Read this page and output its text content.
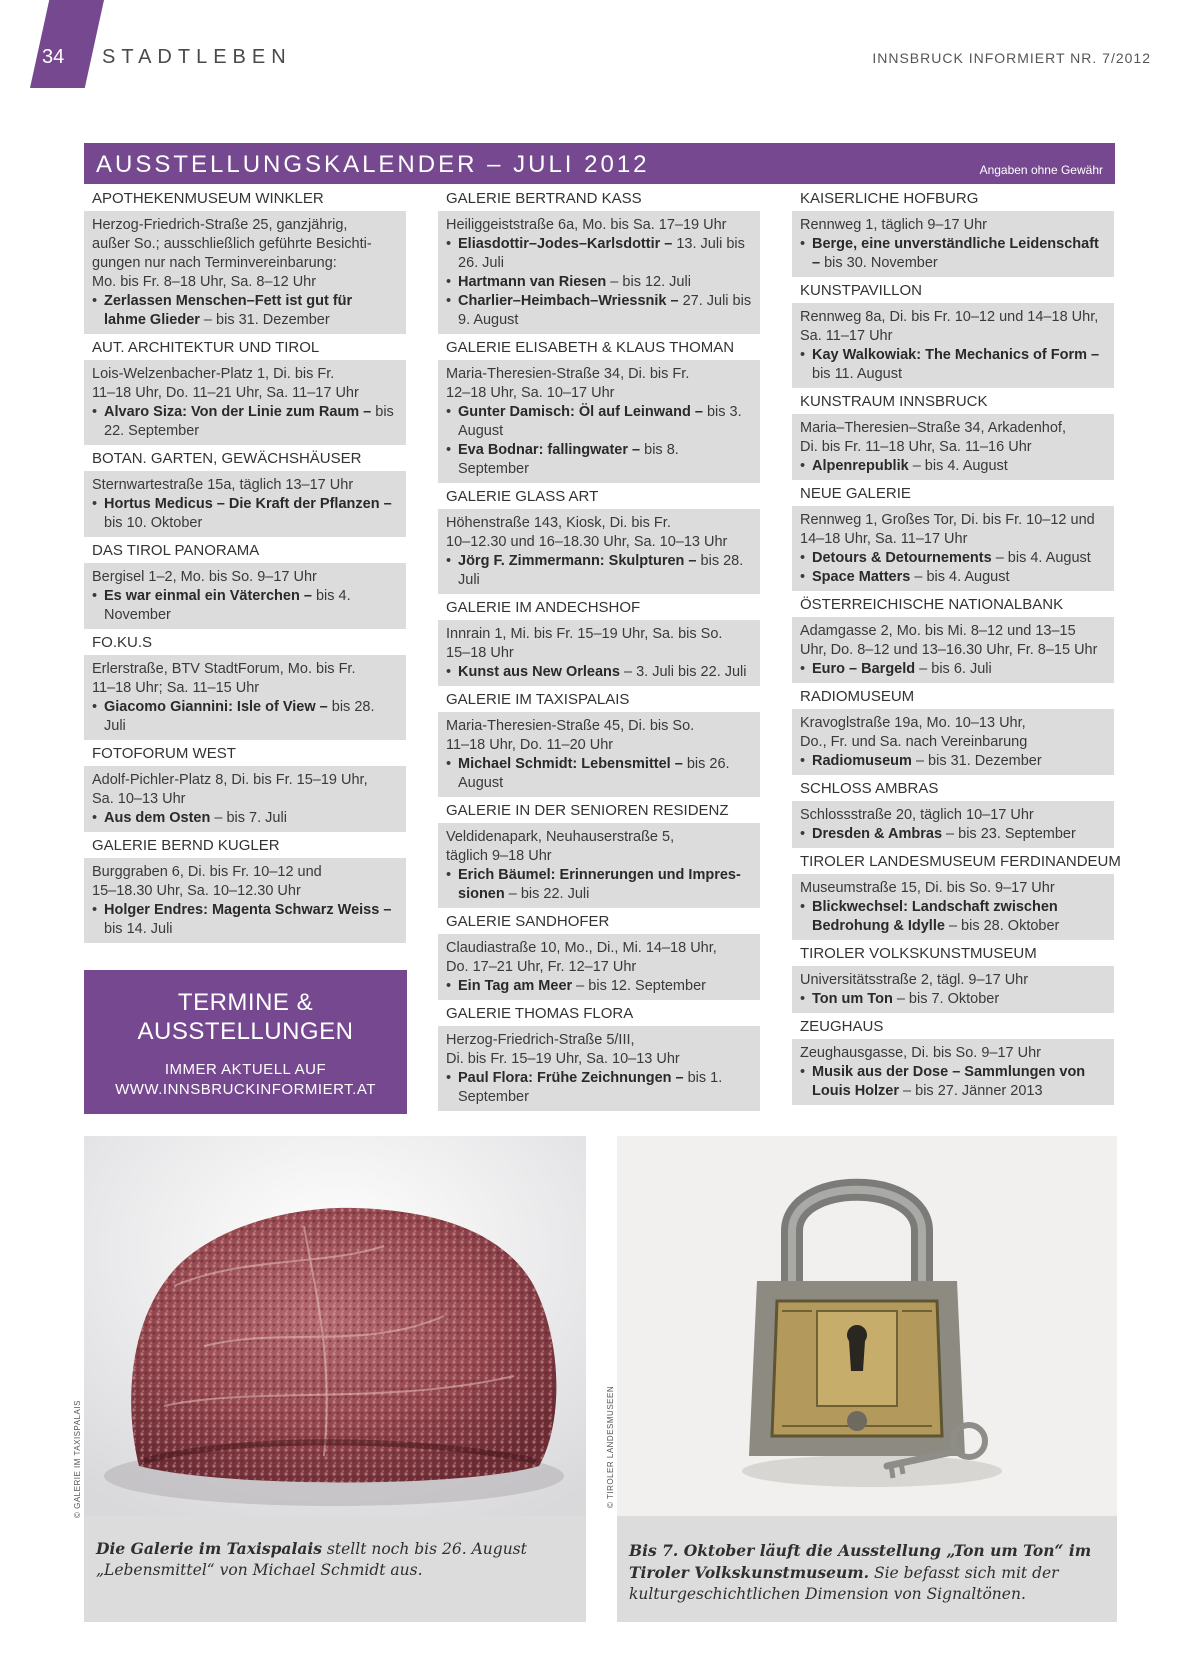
34 STADTLEBEN	INNSBRUCK INFORMIERT NR. 7/2012
AUSSTELLUNGSKALENDER – JULI 2012	Angaben ohne Gewähr
APOTHEKENMUSEUM WINKLER
Herzog-Friedrich-Straße 25, ganzjährig,
außer So.; ausschließlich geführte Besichti-
gungen nur nach Terminvereinbarung:
Mo. bis Fr. 8–18 Uhr, Sa. 8–12 Uhr
• Zerlassen Menschen–Fett ist gut für lahme Glieder – bis 31. Dezember
AUT. ARCHITEKTUR UND TIROL
Lois-Welzenbacher-Platz 1, Di. bis Fr.
11–18 Uhr, Do. 11–21 Uhr, Sa. 11–17 Uhr
• Alvaro Siza: Von der Linie zum Raum – bis 22. September
BOTAN. GARTEN, GEWÄCHSHÄUSER
Sternwartestraße 15a, täglich 13–17 Uhr
• Hortus Medicus – Die Kraft der Pflanzen – bis 10. Oktober
DAS TIROL PANORAMA
Bergisel 1–2, Mo. bis So. 9–17 Uhr
• Es war einmal ein Väterchen – bis 4. November
FO.KU.S
Erlerstraße, BTV StadtForum, Mo. bis Fr.
11–18 Uhr; Sa. 11–15 Uhr
• Giacomo Giannini: Isle of View – bis 28. Juli
FOTOFORUM WEST
Adolf-Pichler-Platz 8, Di. bis Fr. 15–19 Uhr,
Sa. 10–13 Uhr
• Aus dem Osten – bis 7. Juli
GALERIE BERND KUGLER
Burggraben 6, Di. bis Fr. 10–12 und
15–18.30 Uhr, Sa. 10–12.30 Uhr
• Holger Endres: Magenta Schwarz Weiss – bis 14. Juli
GALERIE BERTRAND KASS
Heiliggeiststraße 6a, Mo. bis Sa. 17–19 Uhr
• Eliasdottir–Jodes–Karlsdottir – 13. Juli bis 26. Juli
• Hartmann van Riesen – bis 12. Juli
• Charlier–Heimbach–Wriessnik – 27. Juli bis 9. August
GALERIE ELISABETH & KLAUS THOMAN
Maria-Theresien-Straße 34, Di. bis Fr.
12–18 Uhr, Sa. 10–17 Uhr
• Gunter Damisch: Öl auf Leinwand – bis 3. August
• Eva Bodnar: fallingwater – bis 8. September
GALERIE GLASS ART
Höhenstraße 143, Kiosk, Di. bis Fr.
10–12.30 und 16–18.30 Uhr, Sa. 10–13 Uhr
• Jörg F. Zimmermann: Skulpturen – bis 28. Juli
GALERIE IM ANDECHSHOF
Innrain 1, Mi. bis Fr. 15–19 Uhr, Sa. bis So.
15–18 Uhr
• Kunst aus New Orleans – 3. Juli bis 22. Juli
GALERIE IM TAXISPALAIS
Maria-Theresien-Straße 45, Di. bis So.
11–18 Uhr, Do. 11–20 Uhr
• Michael Schmidt: Lebensmittel – bis 26. August
GALERIE IN DER SENIOREN RESIDENZ
Veldidenapark, Neuhauserstraße 5,
täglich 9–18 Uhr
• Erich Bäumel: Erinnerungen und Impres-sionen – bis 22. Juli
GALERIE SANDHOFER
Claudiastraße 10, Mo., Di., Mi. 14–18 Uhr,
Do. 17–21 Uhr, Fr. 12–17 Uhr
• Ein Tag am Meer – bis 12. September
GALERIE THOMAS FLORA
Herzog-Friedrich-Straße 5/III,
Di. bis Fr. 15–19 Uhr, Sa. 10–13 Uhr
• Paul Flora: Frühe Zeichnungen – bis 1. September
KAISERLICHE HOFBURG
Rennweg 1, täglich 9–17 Uhr
• Berge, eine unverständliche Leidenschaft – bis 30. November
KUNSTPAVILLON
Rennweg 8a, Di. bis Fr. 10–12 und 14–18 Uhr,
Sa. 11–17 Uhr
• Kay Walkowiak: The Mechanics of Form – bis 11. August
KUNSTRAUM INNSBRUCK
Maria–Theresien–Straße 34, Arkadenhof,
Di. bis Fr. 11–18 Uhr, Sa. 11–16 Uhr
• Alpenrepublik – bis 4. August
NEUE GALERIE
Rennweg 1, Großes Tor, Di. bis Fr. 10–12 und
14–18 Uhr, Sa. 11–17 Uhr
• Detours & Detournements – bis 4. August
• Space Matters – bis 4. August
ÖSTERREICHISCHE NATIONALBANK
Adamgasse 2, Mo. bis Mi. 8–12 und 13–15
Uhr, Do. 8–12 und 13–16.30 Uhr, Fr. 8–15 Uhr
• Euro – Bargeld – bis 6. Juli
RADIOMUSEUM
Kravoglstraße 19a, Mo. 10–13 Uhr,
Do., Fr. und Sa. nach Vereinbarung
• Radiomuseum – bis 31. Dezember
SCHLOSS AMBRAS
Schlossstraße 20, täglich 10–17 Uhr
• Dresden & Ambras – bis 23. September
TIROLER LANDESMUSEUM FERDINANDEUM
Museumstraße 15, Di. bis So. 9–17 Uhr
• Blickwechsel: Landschaft zwischen Bedrohung & Idylle – bis 28. Oktober
TIROLER VOLKSKUNSTMUSEUM
Universitätsstraße 2, tägl. 9–17 Uhr
• Ton um Ton – bis 7. Oktober
ZEUGHAUS
Zeughausgasse, Di. bis So. 9–17 Uhr
• Musik aus der Dose – Sammlungen von Louis Holzer – bis 27. Jänner 2013
TERMINE &
AUSSTELLUNGEN
IMMER AKTUELL AUF
WWW.INNSBRUCKINFORMIERT.AT
© GALERIE IM TAXISPALAIS
Die Galerie im Taxispalais stellt noch bis 26. August „Lebensmittel“ von Michael Schmidt aus.
© TIROLER LANDESMUSEEN
Bis 7. Oktober läuft die Ausstellung „Ton um Ton“ im Tiroler Volkskunstmuseum. Sie befasst sich mit der kulturgeschichtlichen Dimension von Signaltönen.
